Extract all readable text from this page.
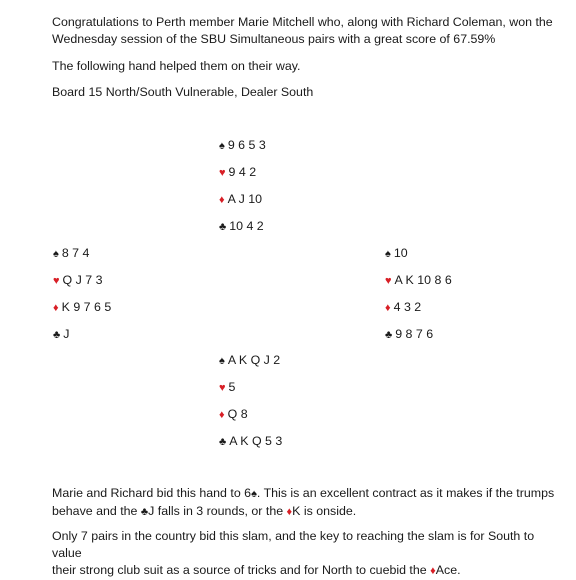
Congratulations to Perth member Marie Mitchell who, along with Richard Coleman, won the
Wednesday session of the SBU Simultaneous pairs with a great score of 67.59%

The following hand helped them on their way.

Board 15 North/South Vulnerable, Dealer South

♠ 9 6 5 3
♥ 9 4 2
♦ A J 10
♣ 10 4 2
♠ 8 7 4
♥ Q J 7 3
♦ K 9 7 6 5
♣ J
♠ 10
♥ A K 10 8 6
♦ 4 3 2
♣ 9 8 7 6
♠ A K Q J 2
♥ 5
♦ Q 8
♣ A K Q 5 3

Marie and Richard bid this hand to 6♠. This is an excellent contract as it makes if the trumps
behave and the ♣J falls in 3 rounds, or the ♦K is onside.

Only 7 pairs in the country bid this slam, and the key to reaching the slam is for South to value
their strong club suit as a source of tricks and for North to cuebid the ♦Ace.
